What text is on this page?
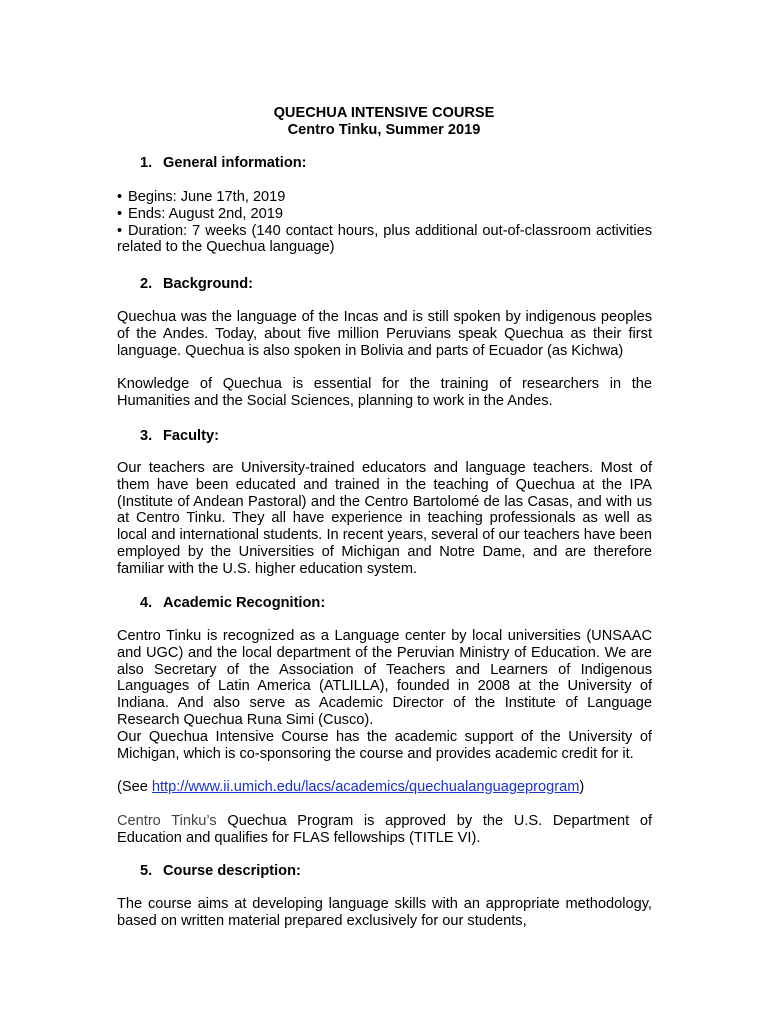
QUECHUA INTENSIVE COURSE
Centro Tinku, Summer 2019
1. General information:
• Begins: June 17th, 2019
• Ends: August 2nd, 2019
• Duration: 7 weeks (140 contact hours, plus additional out-of-classroom activities related to the Quechua language)
2. Background:
Quechua was the language of the Incas and is still spoken by indigenous peoples of the Andes. Today, about five million Peruvians speak Quechua as their first language. Quechua is also spoken in Bolivia and parts of Ecuador (as Kichwa)
Knowledge of Quechua is essential for the training of researchers in the Humanities and the Social Sciences, planning to work in the Andes.
3. Faculty:
Our teachers are University-trained educators and language teachers. Most of them have been educated and trained in the teaching of Quechua at the IPA (Institute of Andean Pastoral) and the Centro Bartolomé de las Casas, and with us at Centro Tinku. They all have experience in teaching professionals as well as local and international students. In recent years, several of our teachers have been employed by the Universities of Michigan and Notre Dame, and are therefore familiar with the U.S. higher education system.
4. Academic Recognition:
Centro Tinku is recognized as a Language center by local universities (UNSAAC and UGC) and the local department of the Peruvian Ministry of Education. We are also Secretary of the Association of Teachers and Learners of Indigenous Languages of Latin America (ATLILLA), founded in 2008 at the University of Indiana. And also serve as Academic Director of the Institute of Language Research Quechua Runa Simi (Cusco).
Our Quechua Intensive Course has the academic support of the University of Michigan, which is co-sponsoring the course and provides academic credit for it.
(See http://www.ii.umich.edu/lacs/academics/quechualanguageprogram)
Centro Tinku’s Quechua Program is approved by the U.S. Department of Education and qualifies for FLAS fellowships (TITLE VI).
5. Course description:
The course aims at developing language skills with an appropriate methodology, based on written material prepared exclusively for our students,
